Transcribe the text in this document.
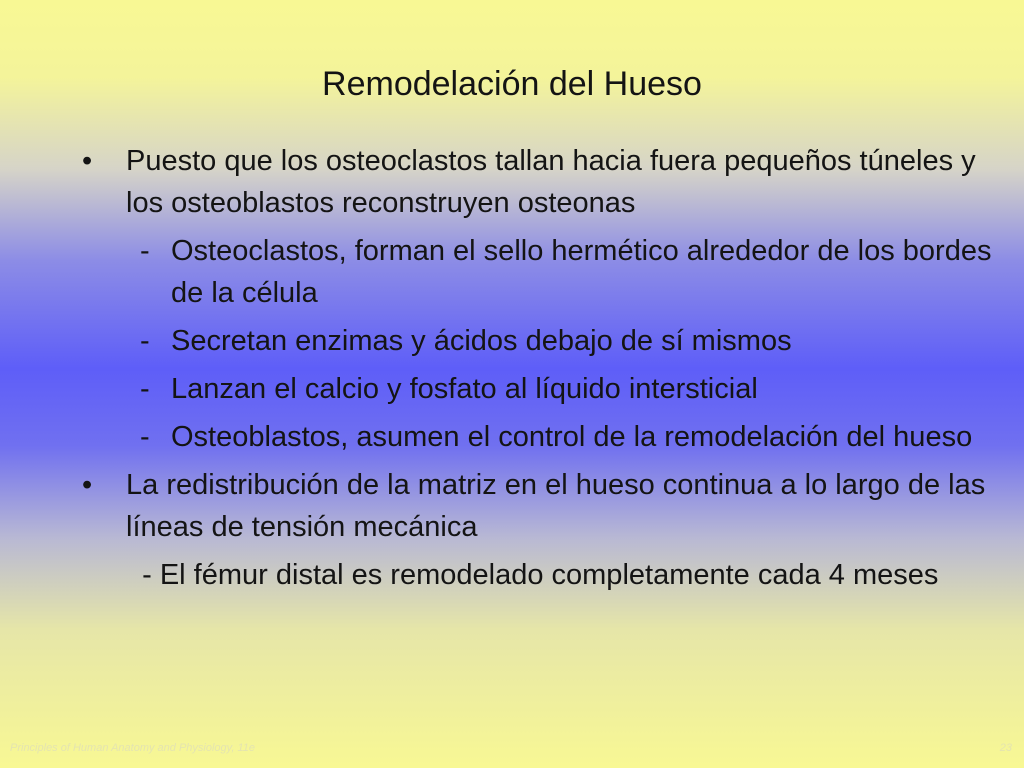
Remodelación del Hueso
• Puesto que los osteoclastos tallan hacia fuera pequeños túneles y los osteoblastos reconstruyen osteonas
- Osteoclastos, forman el sello hermético alrededor de los bordes de la célula
- Secretan enzimas y ácidos debajo de sí mismos
- Lanzan el calcio y fosfato al líquido intersticial
- Osteoblastos, asumen el control de la remodelación del hueso
• La redistribución de la matriz en el hueso continua a lo largo de las líneas de tensión mecánica
- El fémur distal es remodelado completamente cada 4 meses
Principles of Human Anatomy and Physiology, 11e	23
